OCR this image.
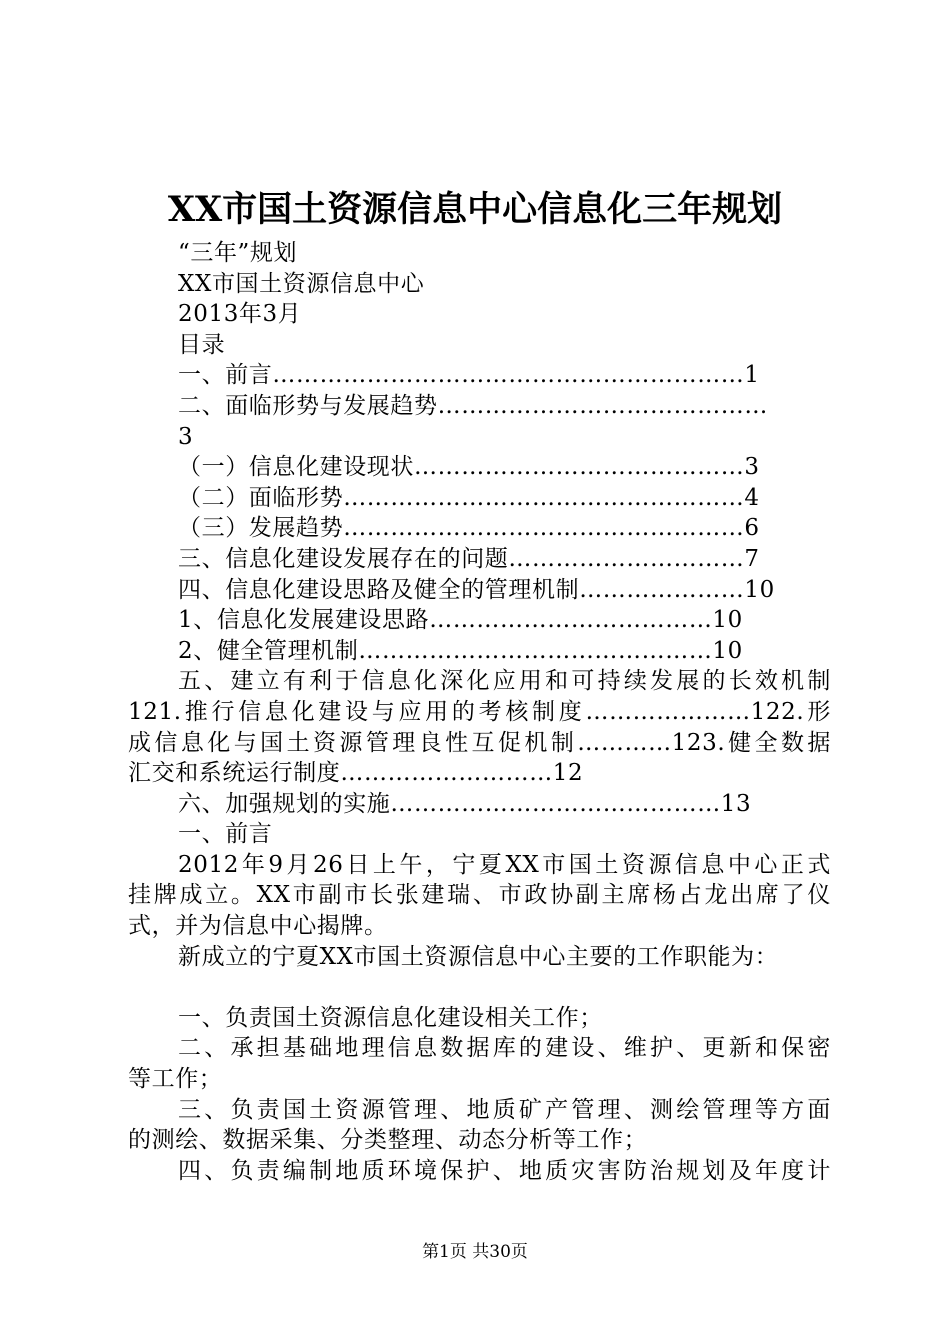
XX市国土资源信息中心信息化三年规划
“三年”规划
XX市国土资源信息中心
2013年3月
目录
一、前言……………………………………………………1
二、面临形势与发展趋势……………………………………
3
（一）信息化建设现状……………………………………3
（二）面临形势……………………………………………4
（三）发展趋势……………………………………………6
三、信息化建设发展存在的问题…………………………7
四、信息化建设思路及健全的管理机制…………………10
1、信息化发展建设思路………………………………10
2、健全管理机制………………………………………10
五、建立有利于信息化深化应用和可持续发展的长效机制
121.推行信息化建设与应用的考核制度…………………122.形
成信息化与国土资源管理良性互促机制…………123.健全数据
汇交和系统运行制度………………………12
六、加强规划的实施……………………………………13
一、前言
2012年9月26日上午，宁夏XX市国土资源信息中心正式
挂牌成立。XX市副市长张建瑞、市政协副主席杨占龙出席了仪
式，并为信息中心揭牌。
新成立的宁夏XX市国土资源信息中心主要的工作职能为：
一、负责国土资源信息化建设相关工作；
二、承担基础地理信息数据库的建设、维护、更新和保密
等工作；
三、负责国土资源管理、地质矿产管理、测绘管理等方面
的测绘、数据采集、分类整理、动态分析等工作；
四、负责编制地质环境保护、地质灾害防治规划及年度计
第1页 共30页
